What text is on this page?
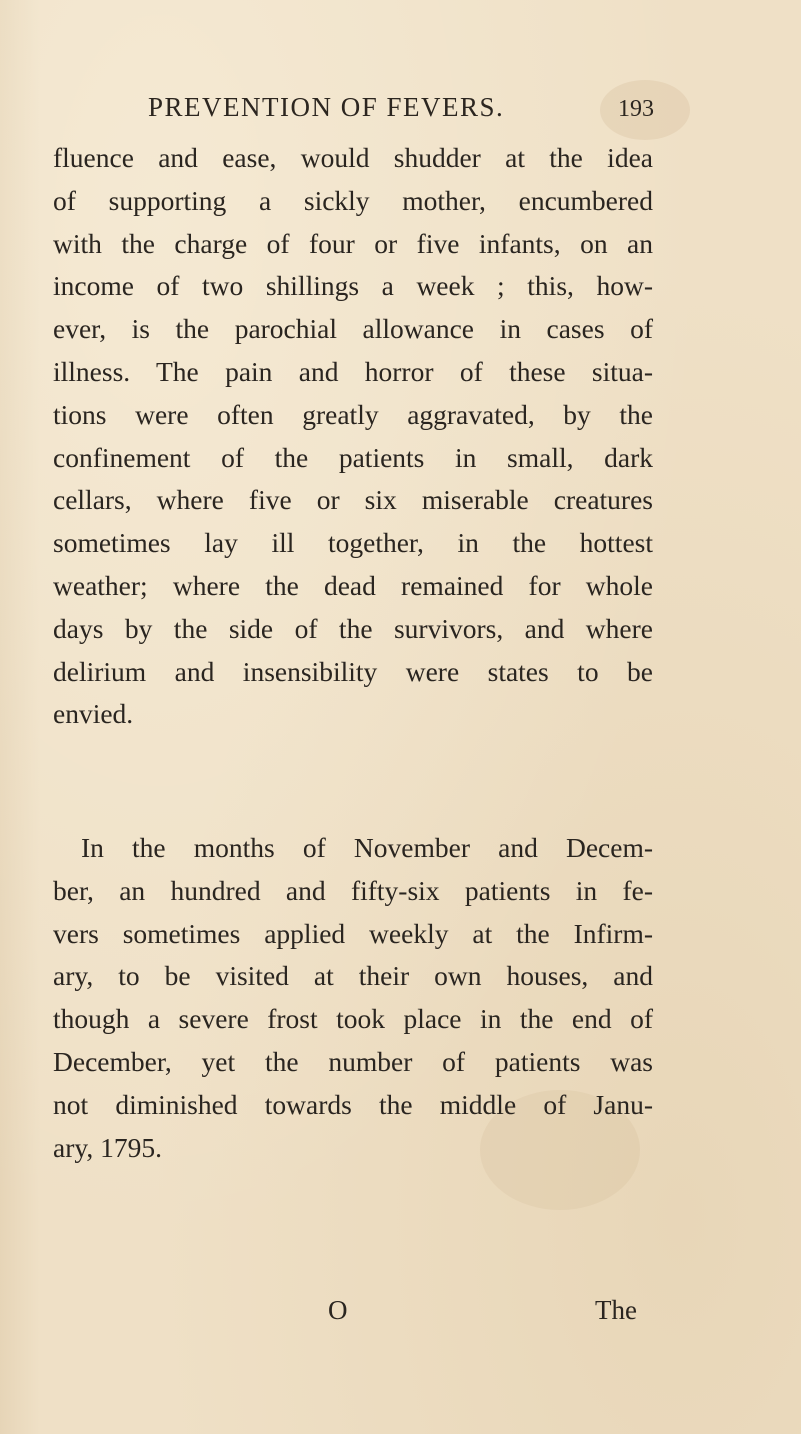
PREVENTION OF FEVERS.	193
fluence and ease, would shudder at the idea
of supporting a sickly mother, encumbered
with the charge of four or five infants, on an
income of two shillings a week ; this, how-
ever, is the parochial allowance in cases of
illness. The pain and horror of these situa-
tions were often greatly aggravated, by the
confinement of the patients in small, dark
cellars, where five or six miserable creatures
sometimes lay ill together, in the hottest
weather; where the dead remained for whole
days by the side of the survivors, and where
delirium and insensibility were states to be
envied.
In the months of November and Decem-
ber, an hundred and fifty-six patients in fe-
vers sometimes applied weekly at the Infirm-
ary, to be visited at their own houses, and
though a severe frost took place in the end of
December, yet the number of patients was
not diminished towards the middle of Janu-
ary, 1795.
O	The
